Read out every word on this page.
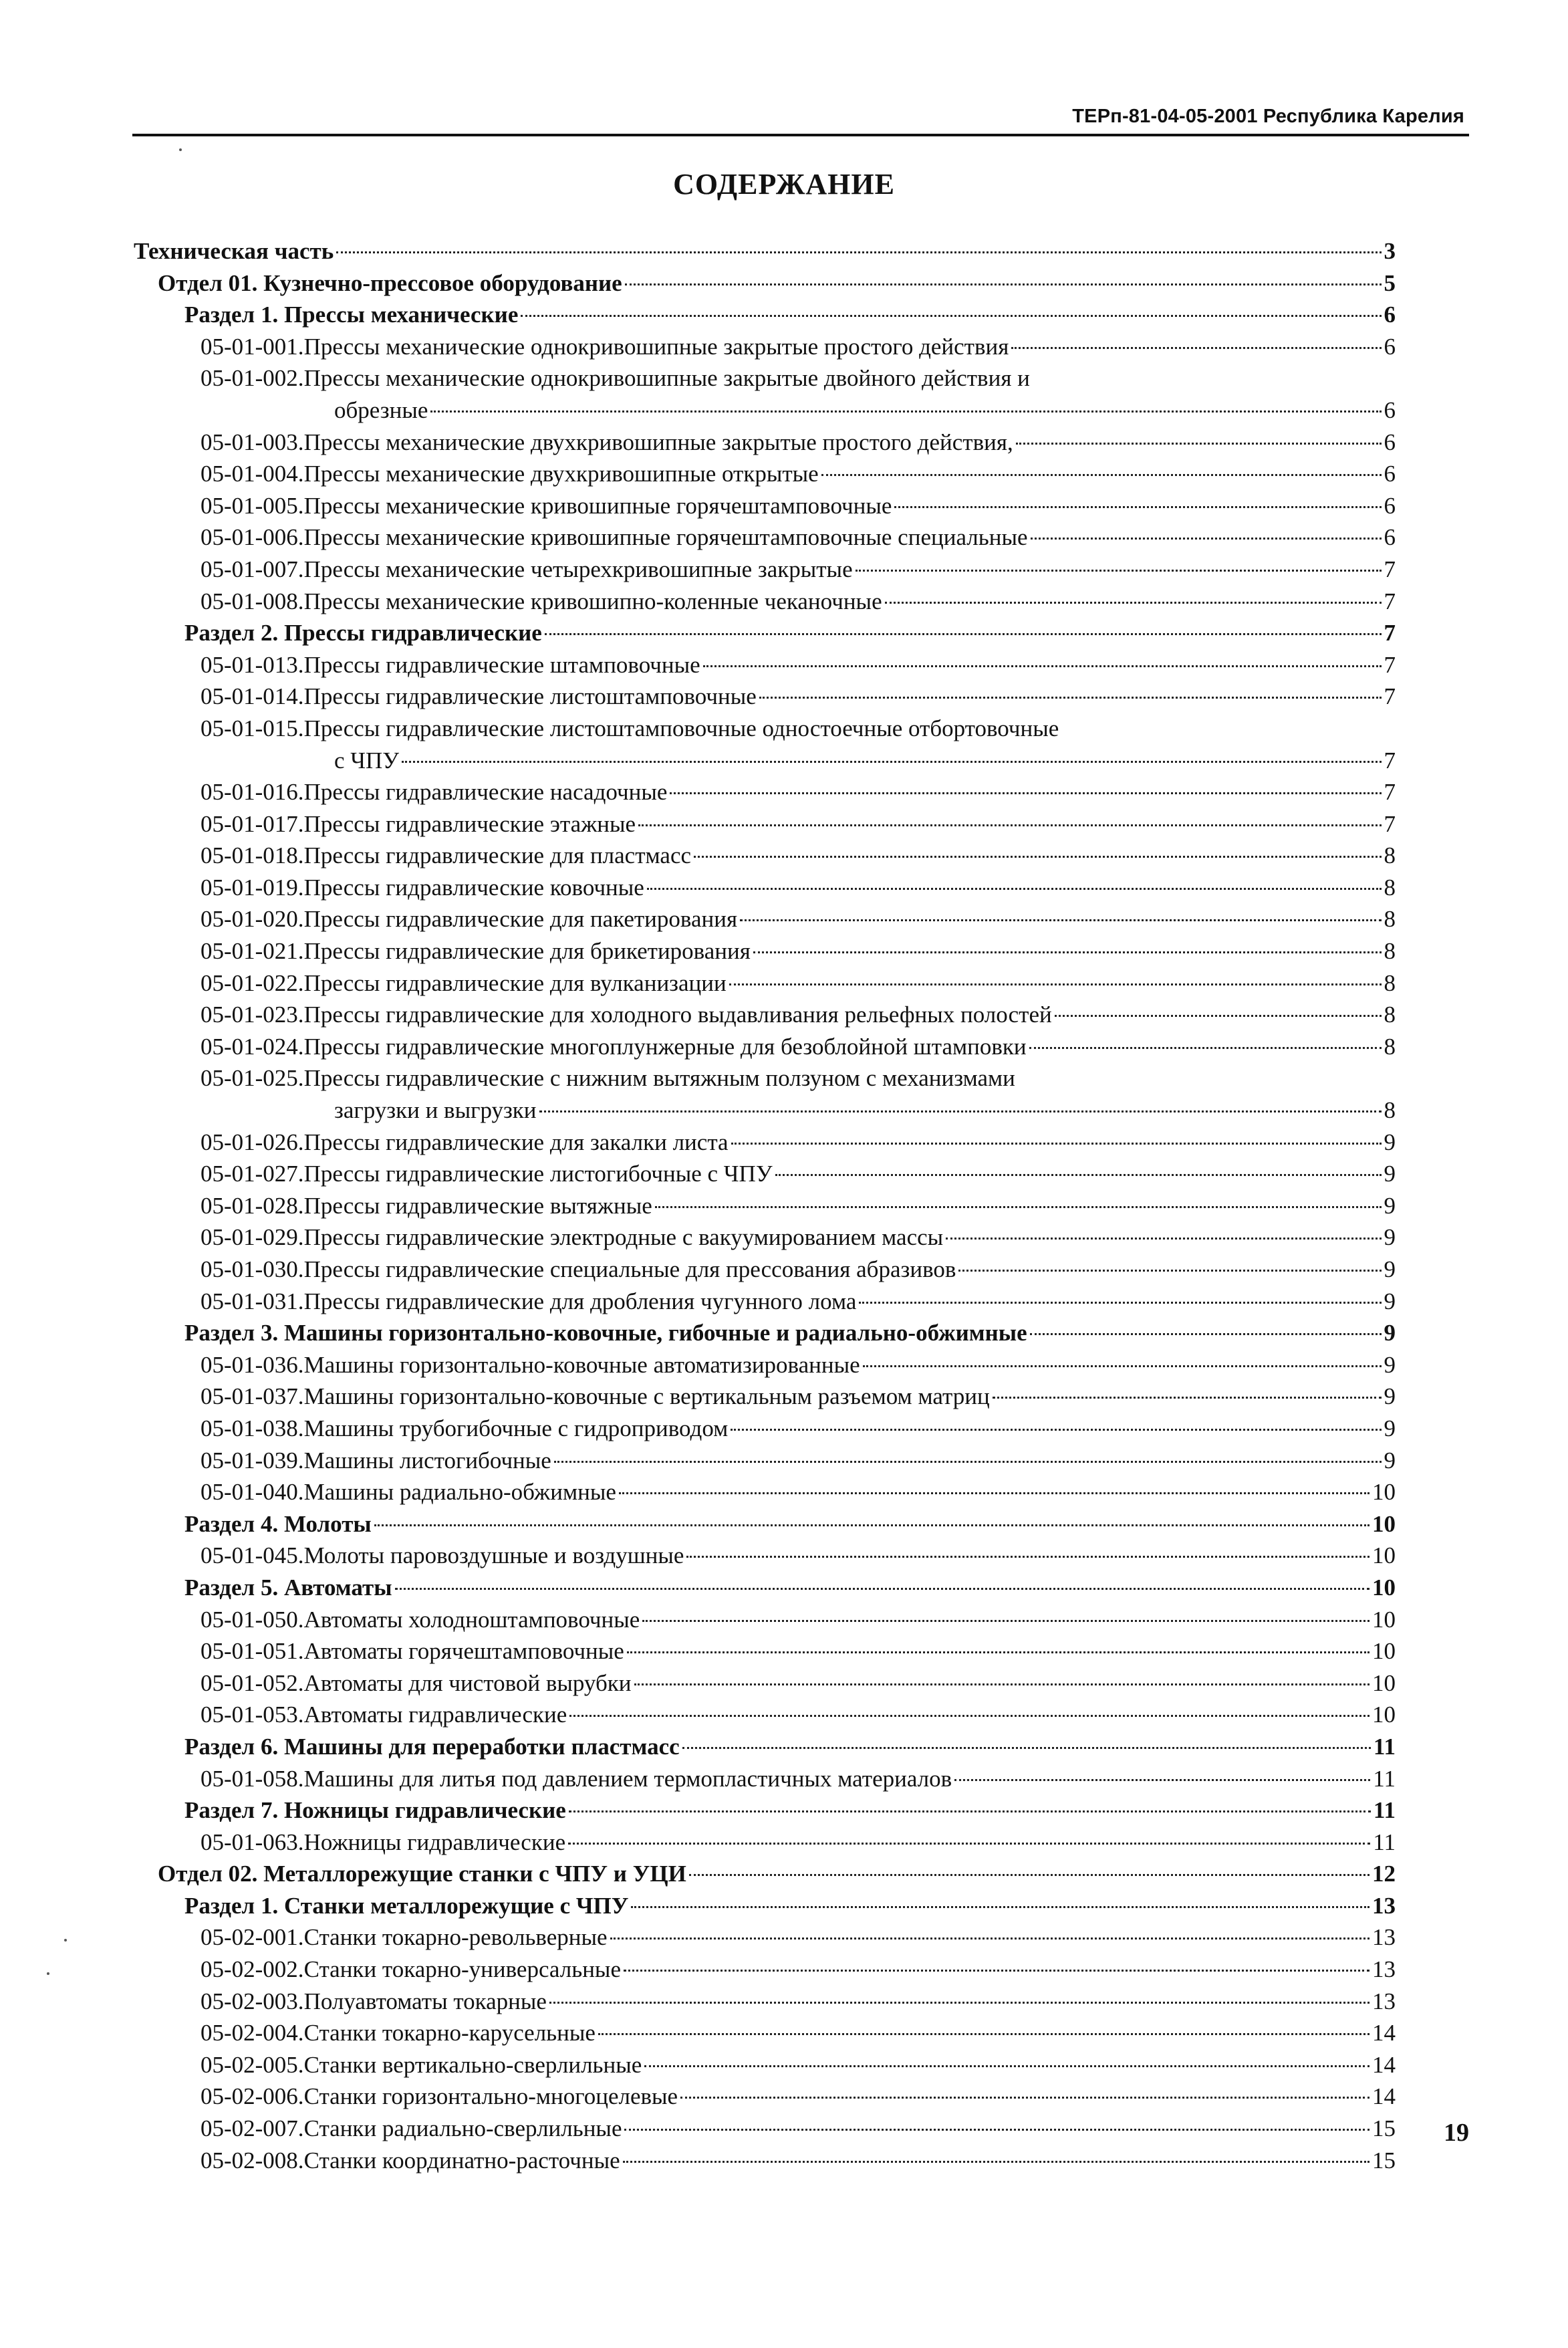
ТЕРп-81-04-05-2001 Республика Карелия
СОДЕРЖАНИЕ
Техническая часть	3
Отдел 01. Кузнечно-прессовое оборудование	5
Раздел 1. Прессы механические	6
05-01-001. Прессы механические однокривошипные закрытые простого действия	6
05-01-002. Прессы механические однокривошипные закрытые двойного действия и
обрезные	6
05-01-003. Прессы механические двухкривошипные закрытые простого действия,	6
05-01-004. Прессы механические двухкривошипные открытые	6
05-01-005. Прессы механические кривошипные горячештамповочные	6
05-01-006. Прессы механические кривошипные горячештамповочные специальные	6
05-01-007. Прессы механические четырехкривошипные закрытые	7
05-01-008. Прессы механические кривошипно-коленные чеканочные	7
Раздел 2. Прессы гидравлические	7
05-01-013. Прессы гидравлические штамповочные	7
05-01-014. Прессы гидравлические листоштамповочные	7
05-01-015. Прессы гидравлические листоштамповочные одностоечные отбортовочные
с ЧПУ	7
05-01-016. Прессы гидравлические насадочные	7
05-01-017. Прессы гидравлические этажные	7
05-01-018. Прессы гидравлические для пластмасс	8
05-01-019. Прессы гидравлические ковочные	8
05-01-020. Прессы гидравлические для пакетирования	8
05-01-021. Прессы гидравлические для брикетирования	8
05-01-022. Прессы гидравлические для вулканизации	8
05-01-023. Прессы гидравлические для холодного выдавливания рельефных полостей	8
05-01-024. Прессы гидравлические многоплунжерные для безоблойной штамповки	8
05-01-025. Прессы гидравлические с нижним вытяжным ползуном с механизмами
загрузки и выгрузки	8
05-01-026. Прессы гидравлические для закалки листа	9
05-01-027. Прессы гидравлические листогибочные с ЧПУ	9
05-01-028. Прессы гидравлические вытяжные	9
05-01-029. Прессы гидравлические электродные с вакуумированием массы	9
05-01-030. Прессы гидравлические специальные для прессования абразивов	9
05-01-031. Прессы гидравлические для дробления чугунного лома	9
Раздел 3. Машины горизонтально-ковочные, гибочные и радиально-обжимные	9
05-01-036. Машины горизонтально-ковочные автоматизированные	9
05-01-037. Машины горизонтально-ковочные с вертикальным разъемом матриц	9
05-01-038. Машины трубогибочные с гидроприводом	9
05-01-039. Машины листогибочные	9
05-01-040. Машины радиально-обжимные	10
Раздел 4. Молоты	10
05-01-045. Молоты паровоздушные и воздушные	10
Раздел 5. Автоматы	10
05-01-050. Автоматы холодноштамповочные	10
05-01-051. Автоматы горячештамповочные	10
05-01-052. Автоматы для чистовой вырубки	10
05-01-053. Автоматы гидравлические	10
Раздел 6. Машины для переработки пластмасс	11
05-01-058. Машины для литья под давлением термопластичных материалов	11
Раздел 7. Ножницы гидравлические	11
05-01-063. Ножницы гидравлические	11
Отдел 02. Металлорежущие станки с ЧПУ и УЦИ	12
Раздел 1. Станки металлорежущие с ЧПУ	13
05-02-001. Станки токарно-револьверные	13
05-02-002. Станки токарно-универсальные	13
05-02-003. Полуавтоматы токарные	13
05-02-004. Станки токарно-карусельные	14
05-02-005. Станки вертикально-сверлильные	14
05-02-006. Станки горизонтально-многоцелевые	14
05-02-007. Станки радиально-сверлильные	15
05-02-008. Станки координатно-расточные	15
19
